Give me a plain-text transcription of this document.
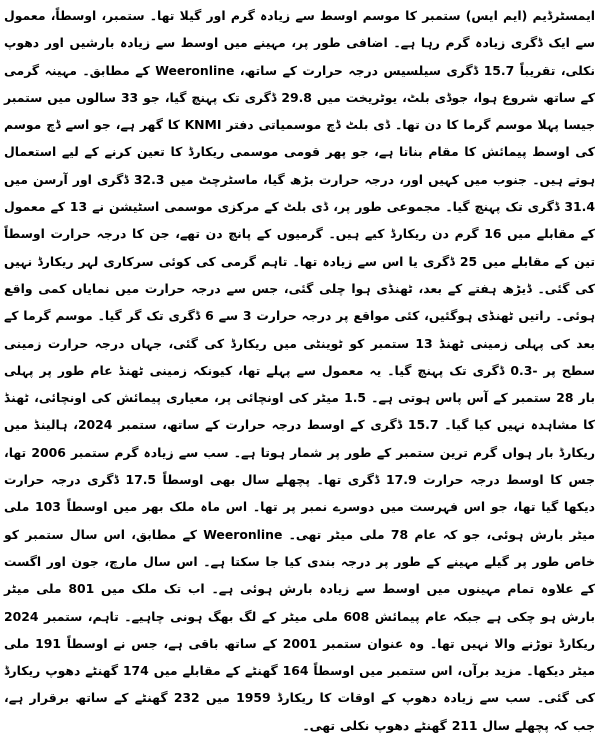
ایمسٹرڈیم (ایم ایس) ستمبر کا موسم اوسط سے زیادہ گرم اور گیلا تھا۔ ستمبر، اوسطاً، معمول سے ایک ڈگری زیادہ گرم رہا ہے۔ اضافی طور پر، مہینے میں اوسط سے زیادہ بارشیں اور دھوپ نکلی، تقریباً 15.7 ڈگری سیلسیس درجہ حرارت کے ساتھ، Weeronline کے مطابق۔ مہینہ گرمی کے ساتھ شروع ہوا، جوڈی بلٹ، یوٹریخت میں 29.8 ڈگری تک پہنچ گیا، جو 33 سالوں میں ستمبر جیسا پہلا موسم گرما کا دن تھا۔ ڈی بلٹ ڈچ موسمیاتی دفتر KNMI کا گھر ہے، جو اسے ڈچ موسم کی اوسط پیمائش کا مقام بناتا ہے، جو پھر قومی موسمی ریکارڈ کا تعین کرنے کے لیے استعمال ہوتے ہیں۔ جنوب میں کہیں اور، درجہ حرارت بڑھ گیا، ماسٹرچٹ میں 32.3 ڈگری اور آرسن میں 31.4 ڈگری تک پہنچ گیا۔ مجموعی طور پر، ڈی بلٹ کے مرکزی موسمی اسٹیشن نے 13 کے معمول کے مقابلے میں 16 گرم دن ریکارڈ کیے ہیں۔ گرمیوں کے پانچ دن تھے، جن کا درجہ حرارت اوسطاً تین کے مقابلے میں 25 ڈگری یا اس سے زیادہ تھا۔ تاہم گرمی کی کوئی سرکاری لہر ریکارڈ نہیں کی گئی۔ ڈیڑھ ہفتے کے بعد، ٹھنڈی ہوا چلی گئی، جس سے درجہ حرارت میں نمایاں کمی واقع ہوئی۔ راتیں ٹھنڈی ہوگئیں، کئی مواقع پر درجہ حرارت 3 سے 6 ڈگری تک گر گیا۔ موسم گرما کے بعد کی پہلی زمینی ٹھنڈ 13 ستمبر کو ٹوینٹی میں ریکارڈ کی گئی، جہاں درجہ حرارت زمینی سطح پر -0.3 ڈگری تک پہنچ گیا۔ یہ معمول سے پہلے تھا، کیونکہ زمینی ٹھنڈ عام طور پر پہلی بار 28 ستمبر کے آس پاس ہوتی ہے۔ 1.5 میٹر کی اونچائی پر، معیاری پیمائش کی اونچائی، ٹھنڈ کا مشاہدہ نہیں کیا گیا۔ 15.7 ڈگری کے اوسط درجہ حرارت کے ساتھ، ستمبر 2024، ہالینڈ میں ریکارڈ بار ہواں گرم ترین ستمبر کے طور پر شمار ہوتا ہے۔ سب سے زیادہ گرم ستمبر 2006 تھا، جس کا اوسط درجہ حرارت 17.9 ڈگری تھا۔ پچھلے سال بھی اوسطاً 17.5 ڈگری درجہ حرارت دیکھا گیا تھا، جو اس فہرست میں دوسرے نمبر پر تھا۔ اس ماہ ملک بھر میں اوسطاً 103 ملی میٹر بارش ہوئی، جو کہ عام 78 ملی میٹر تھی۔ Weeronline کے مطابق، اس سال ستمبر کو خاص طور پر گیلے مہینے کے طور پر درجہ بندی کیا جا سکتا ہے۔ اس سال مارچ، جون اور اگست کے علاوہ تمام مہینوں میں اوسط سے زیادہ بارش ہوئی ہے۔ اب تک ملک میں 801 ملی میٹر بارش ہو چکی ہے جبکہ عام پیمائش 608 ملی میٹر کے لگ بھگ ہونی چاہیے۔ تاہم، ستمبر 2024 ریکارڈ توڑنے والا نہیں تھا۔ وہ عنوان ستمبر 2001 کے ساتھ باقی ہے، جس نے اوسطاً 191 ملی میٹر دیکھا۔ مزید برآں، اس ستمبر میں اوسطاً 164 گھنٹے کے مقابلے میں 174 گھنٹے دھوپ ریکارڈ کی گئی۔ سب سے زیادہ دھوپ کے اوقات کا ریکارڈ 1959 میں 232 گھنٹے کے ساتھ برقرار ہے، جب کہ پچھلے سال 211 گھنٹے دھوپ نکلی تھی۔
